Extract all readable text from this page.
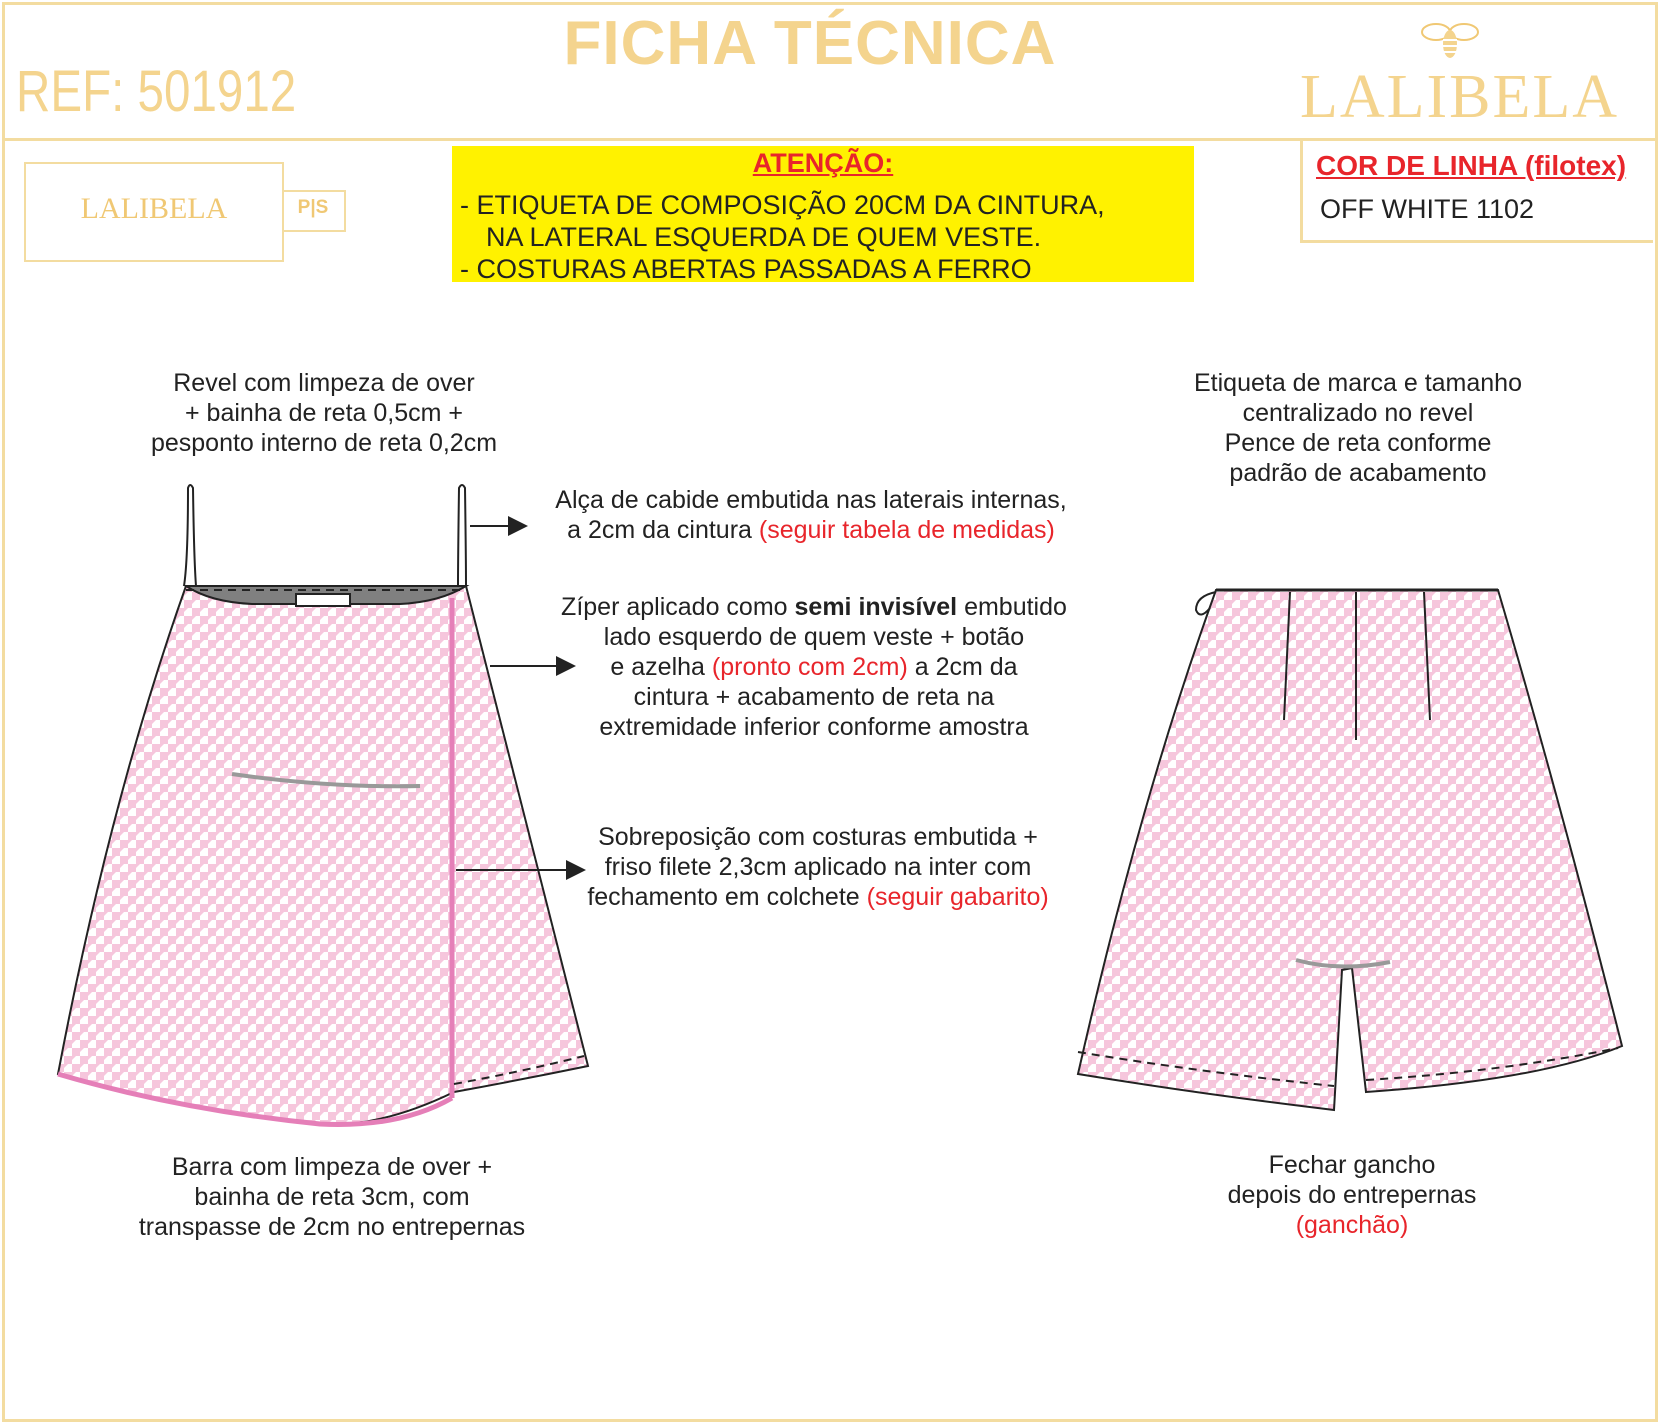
FICHA TÉCNICA
REF: 501912	LALIBELA
LALIBELA	P|S
ATENÇÃO:
- ETIQUETA DE COMPOSIÇÃO 20CM DA CINTURA,
NA LATERAL ESQUERDA DE QUEM VESTE.
- COSTURAS ABERTAS PASSADAS A FERRO
COR DE LINHA (filotex)
OFF WHITE 1102
Revel com limpeza de over
+ bainha de reta 0,5cm +
pesponto interno de reta 0,2cm
Alça de cabide embutida nas laterais internas,
a 2cm da cintura (seguir tabela de medidas)
Zíper aplicado como semi invisível embutido
lado esquerdo de quem veste + botão
e azelha (pronto com 2cm) a 2cm da
cintura + acabamento de reta na
extremidade inferior conforme amostra
Sobreposição com costuras embutida +
friso filete 2,3cm aplicado na inter com
fechamento em colchete (seguir gabarito)
Barra com limpeza de over +
bainha de reta 3cm, com
transpasse de 2cm no entrepernas
Etiqueta de marca e tamanho
centralizado no revel
Pence de reta conforme
padrão de acabamento
Fechar gancho
depois do entrepernas
(ganchão)
